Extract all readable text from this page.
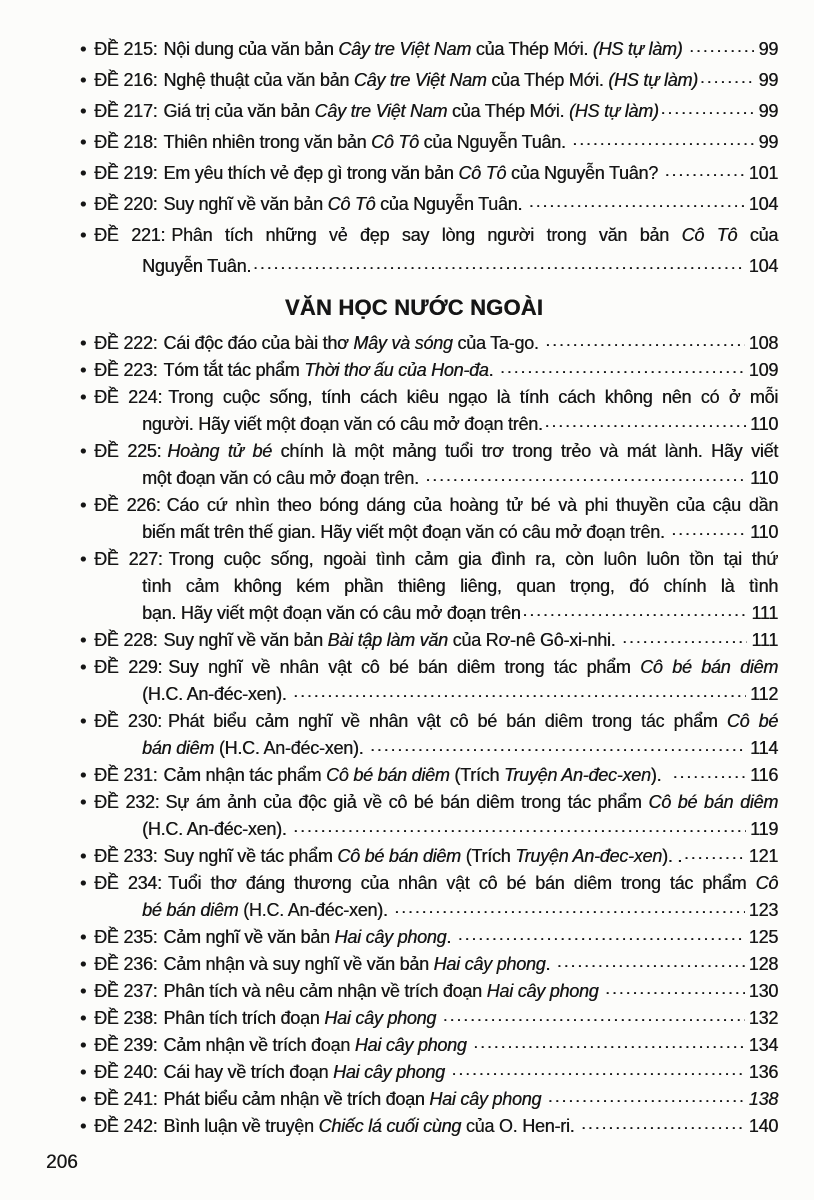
• ĐỀ 215: Nội dung của văn bản Cây tre Việt Nam của Thép Mới. (HS tự làm) .....	99
• ĐỀ 216: Nghệ thuật của văn bản Cây tre Việt Nam của Thép Mới. (HS tự làm) .....	99
• ĐỀ 217: Giá trị của văn bản Cây tre Việt Nam của Thép Mới. (HS tự làm) .....	99
• ĐỀ 218: Thiên nhiên trong văn bản Cô Tô của Nguyễn Tuân. .....	99
• ĐỀ 219: Em yêu thích vẻ đẹp gì trong văn bản Cô Tô của Nguyễn Tuân? .....	101
• ĐỀ 220: Suy nghĩ về văn bản Cô Tô của Nguyễn Tuân. .....	104
• ĐỀ 221: Phân tích những vẻ đẹp say lòng người trong văn bản Cô Tô của
Nguyễn Tuân. .....	104
VĂN HỌC NƯỚC NGOÀI
• ĐỀ 222: Cái độc đáo của bài thơ Mây và sóng của Ta-go. .....	108
• ĐỀ 223: Tóm tắt tác phẩm Thời thơ ấu của Hon-đa. .....	109
• ĐỀ 224: Trong cuộc sống, tính cách kiêu ngạo là tính cách không nên có ở mỗi
người. Hãy viết một đoạn văn có câu mở đoạn trên. .....	110
• ĐỀ 225: Hoàng tử bé chính là một mảng tuổi trơ trong trẻo và mát lành. Hãy viết
một đoạn văn có câu mở đoạn trên. .....	110
• ĐỀ 226: Cáo cứ nhìn theo bóng dáng của hoàng tử bé và phi thuyền của cậu dần
biến mất trên thế gian. Hãy viết một đoạn văn có câu mở đoạn trên. .....	110
• ĐỀ 227: Trong cuộc sống, ngoài tình cảm gia đình ra, còn luôn luôn tồn tại thứ
tình cảm không kém phần thiêng liêng, quan trọng, đó chính là tình
bạn. Hãy viết một đoạn văn có câu mở đoạn trên .....	111
• ĐỀ 228: Suy nghĩ về văn bản Bài tập làm văn của Rơ-nê Gô-xi-nhi. .....	111
• ĐỀ 229: Suy nghĩ về nhân vật cô bé bán diêm trong tác phẩm Cô bé bán diêm
(H.C. An-đéc-xen). .....	112
• ĐỀ 230: Phát biểu cảm nghĩ về nhân vật cô bé bán diêm trong tác phẩm Cô bé
bán diêm (H.C. An-đéc-xen). .....	114
• ĐỀ 231: Cảm nhận tác phẩm Cô bé bán diêm (Trích Truyện An-đec-xen). .....	116
• ĐỀ 232: Sự ám ảnh của độc giả về cô bé bán diêm trong tác phẩm Cô bé bán diêm
(H.C. An-đéc-xen). .....	119
• ĐỀ 233: Suy nghĩ về tác phẩm Cô bé bán diêm (Trích Truyện An-đec-xen). . .....	121
• ĐỀ 234: Tuổi thơ đáng thương của nhân vật cô bé bán diêm trong tác phẩm Cô
bé bán diêm (H.C. An-đéc-xen). .....	123
• ĐỀ 235: Cảm nghĩ về văn bản Hai cây phong. .....	125
• ĐỀ 236: Cảm nhận và suy nghĩ về văn bản Hai cây phong. .....	128
• ĐỀ 237: Phân tích và nêu cảm nhận về trích đoạn Hai cây phong .....	130
• ĐỀ 238: Phân tích trích đoạn Hai cây phong .....	132
• ĐỀ 239: Cảm nhận về trích đoạn Hai cây phong .....	134
• ĐỀ 240: Cái hay về trích đoạn Hai cây phong .....	136
• ĐỀ 241: Phát biểu cảm nhận về trích đoạn Hai cây phong .....	138
• ĐỀ 242: Bình luận về truyện Chiếc lá cuối cùng của O. Hen-ri. .....	140
206
